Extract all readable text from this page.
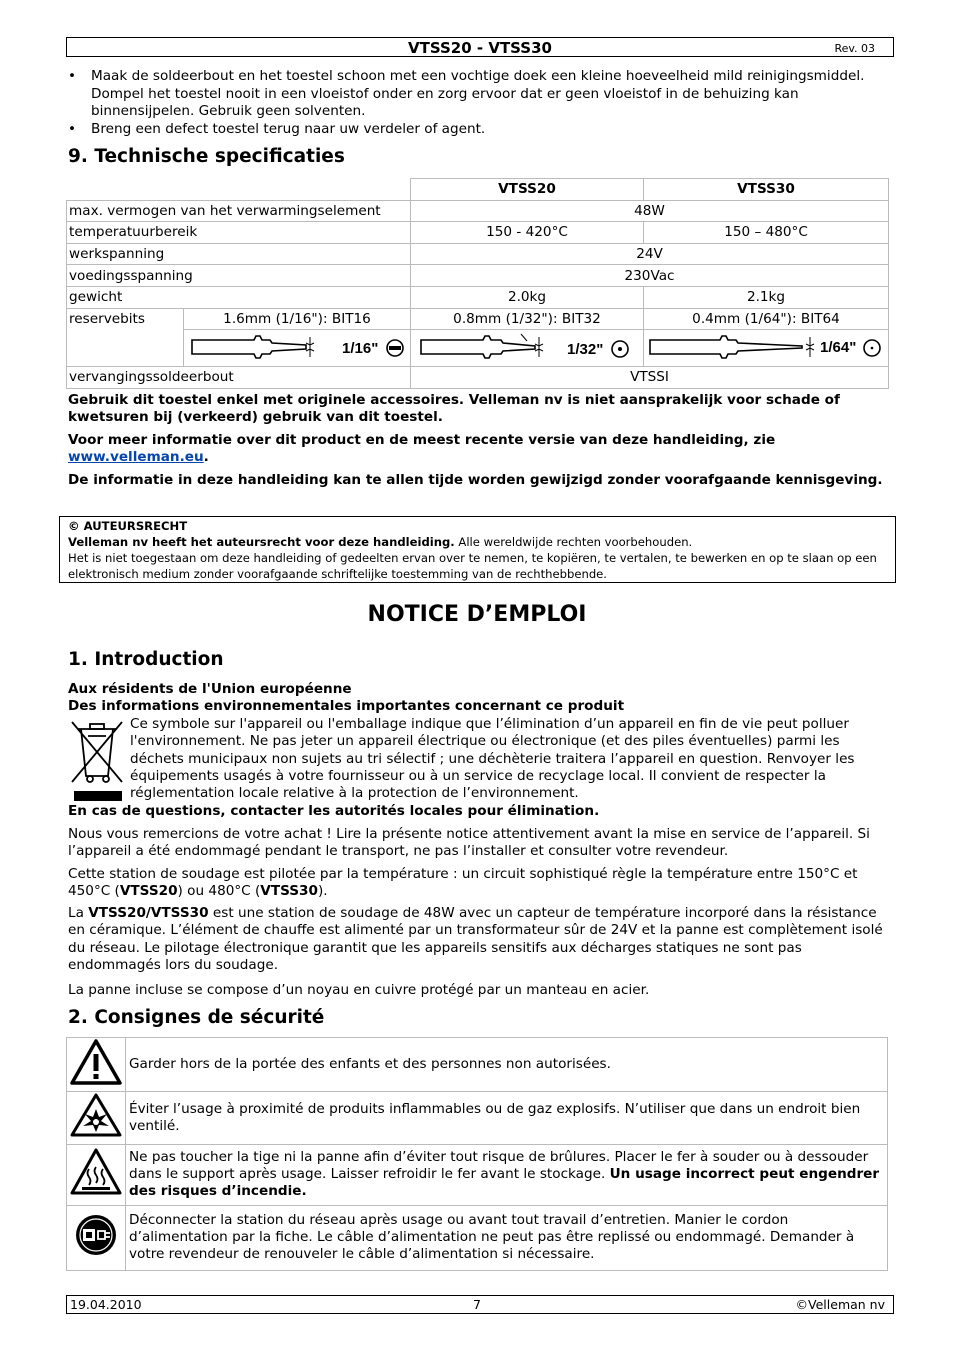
VTSS20 - VTSS30	Rev. 03
• Maak de soldeerbout en het toestel schoon met een vochtige doek een kleine hoeveelheid mild reinigingsmiddel. Dompel het toestel nooit in een vloeistof onder en zorg ervoor dat er geen vloeistof in de behuizing kan binnensijpelen. Gebruik geen solventen.
• Breng een defect toestel terug naar uw verdeler of agent.
9. Technische specificaties
		VTSS20	VTSS30
max. vermogen van het verwarmingselement		48W	
temperatuurbereik		150 - 420°C	150 – 480°C
werkspanning		24V	
voedingsspanning		230Vac	
gewicht		2.0kg	2.1kg
reservebits	1.6mm (1/16"): BIT16	0.8mm (1/32"): BIT32	0.4mm (1/64"): BIT64

1/16"	1/32"	1/64"

vervangingssoldeerbout		VTSSI	

Gebruik dit toestel enkel met originele accessoires. Velleman nv is niet aansprakelijk voor schade of kwetsuren bij (verkeerd) gebruik van dit toestel.

Voor meer informatie over dit product en de meest recente versie van deze handleiding, zie
www.velleman.eu.

De informatie in deze handleiding kan te allen tijde worden gewijzigd zonder voorafgaande kennisgeving.

© AUTEURSRECHT
Velleman nv heeft het auteursrecht voor deze handleiding. Alle wereldwijde rechten voorbehouden.
Het is niet toegestaan om deze handleiding of gedeelten ervan over te nemen, te kopiëren, te vertalen, te bewerken en op te slaan op een elektronisch medium zonder voorafgaande schriftelijke toestemming van de rechthebbende.
NOTICE D’EMPLOI
1. Introduction

Aux résidents de l'Union européenne

Des informations environnementales importantes concernant ce produit

Ce symbole sur l'appareil ou l'emballage indique que l’élimination d’un appareil en fin de vie peut polluer l'environnement. Ne pas jeter un appareil électrique ou électronique (et des piles éventuelles) parmi les déchets municipaux non sujets au tri sélectif ; une déchèterie traitera l’appareil en question. Renvoyer les équipements usagés à votre fournisseur ou à un service de recyclage local. Il convient de respecter la réglementation locale relative à la protection de l’environnement.

En cas de questions, contacter les autorités locales pour élimination.

Nous vous remercions de votre achat ! Lire la présente notice attentivement avant la mise en service de l’appareil. Si l’appareil a été endommagé pendant le transport, ne pas l’installer et consulter votre revendeur.

Cette station de soudage est pilotée par la température : un circuit sophistiqué règle la température entre 150°C et 450°C (VTSS20) ou 480°C (VTSS30).

La VTSS20/VTSS30 est une station de soudage de 48W avec un capteur de température incorporé dans la résistance en céramique. L’élément de chauffe est alimenté par un transformateur sûr de 24V et la panne est complètement isolé du réseau. Le pilotage électronique garantit que les appareils sensitifs aux décharges statiques ne sont pas endommagés lors du soudage.

La panne incluse se compose d’un noyau en cuivre protégé par un manteau en acier.

2. Consignes de sécurité
	Garder hors de la portée des enfants et des personnes non autorisées.
	Éviter l’usage à proximité de produits inflammables ou de gaz explosifs. N’utiliser que dans un endroit bien ventilé.
	Ne pas toucher la tige ni la panne afin d’éviter tout risque de brûlures. Placer le fer à souder ou à dessouder dans le support après usage. Laisser refroidir le fer avant le stockage. Un usage incorrect peut engendrer des risques d’incendie.
	Déconnecter la station du réseau après usage ou avant tout travail d’entretien. Manier le cordon d’alimentation par la fiche. Le câble d’alimentation ne peut pas être replissé ou endommagé. Demander à votre revendeur de renouveler le câble d’alimentation si nécessaire.
19.04.2010	7	©Velleman nv
